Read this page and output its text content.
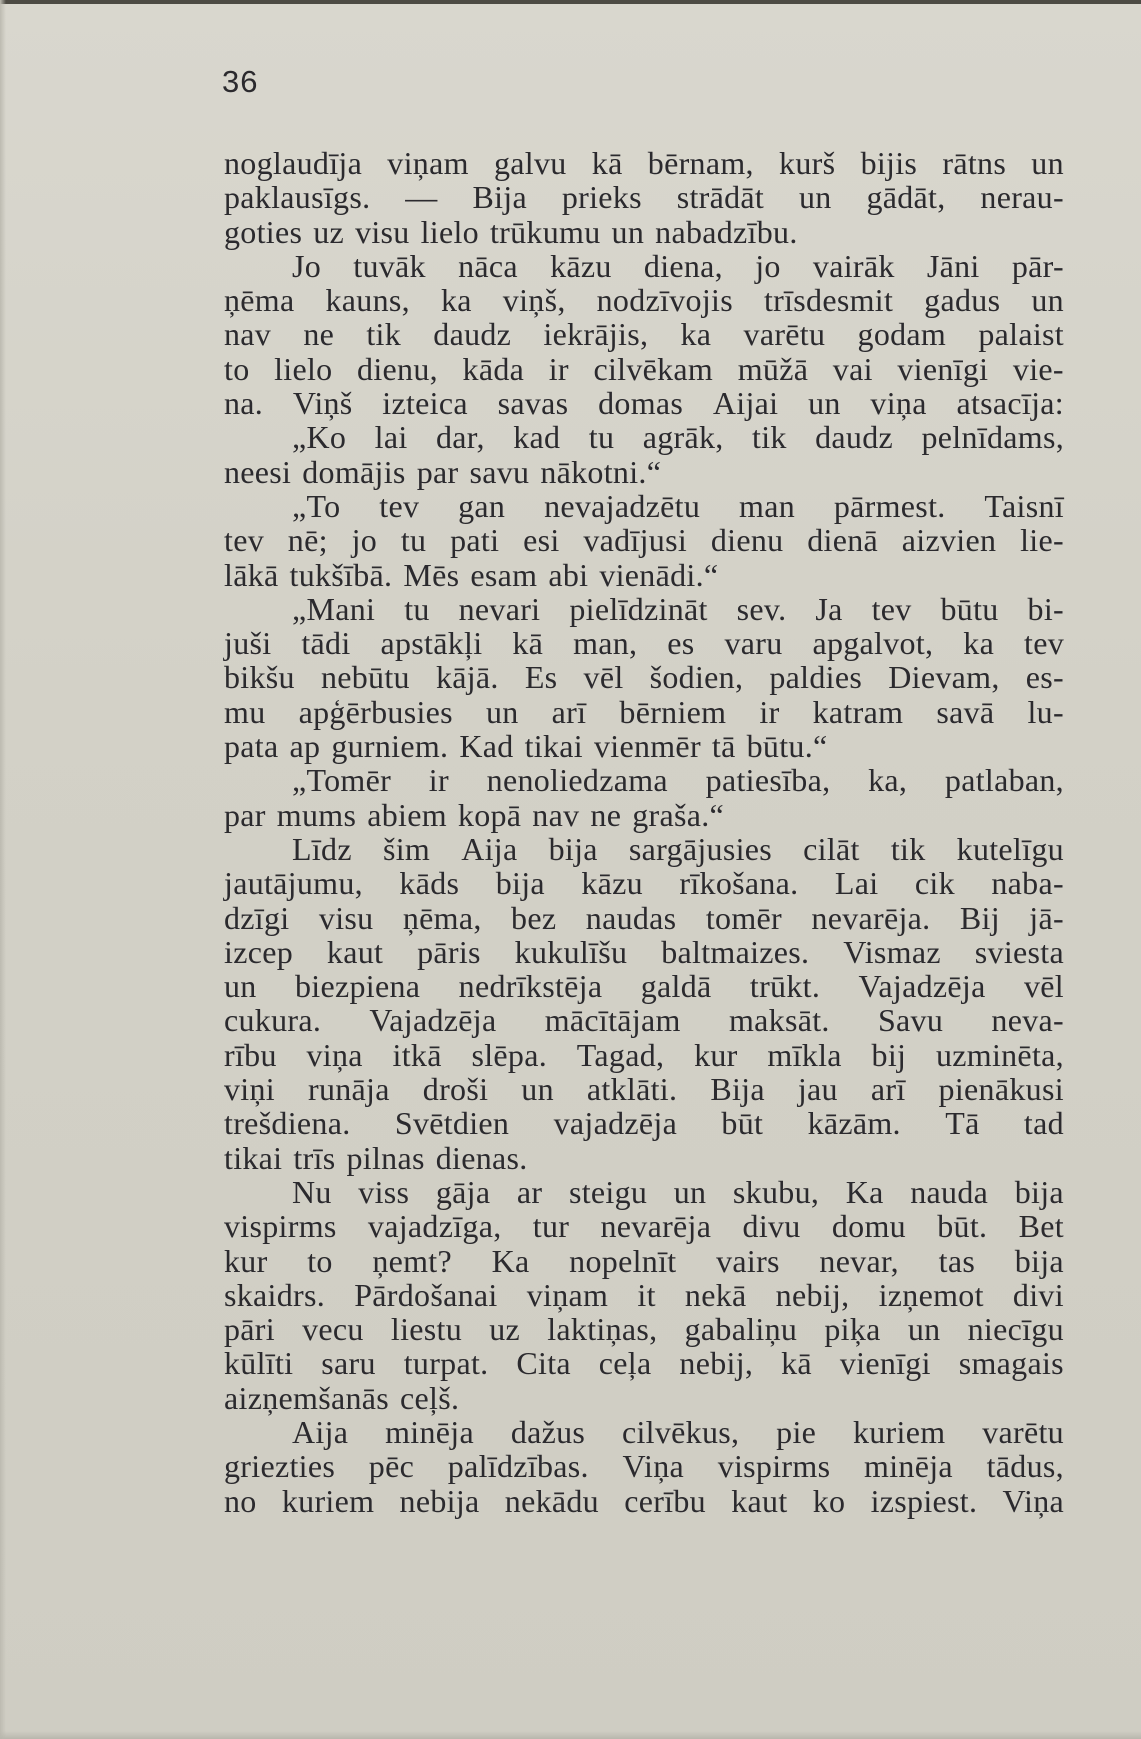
36
noglaudīja viņam galvu kā bērnam, kurš bijis rātns un
paklausīgs. — Bija prieks strādāt un gādāt, nerau-
goties uz visu lielo trūkumu un nabadzību.
Jo tuvāk nāca kāzu diena, jo vairāk Jāni pār-
ņēma kauns, ka viņš, nodzīvojis trīsdesmit gadus un
nav ne tik daudz iekrājis, ka varētu godam palaist
to lielo dienu, kāda ir cilvēkam mūžā vai vienīgi vie-
na. Viņš izteica savas domas Aijai un viņa atsacīja:
„Ko lai dar, kad tu agrāk, tik daudz pelnīdams,
neesi domājis par savu nākotni.“
„To tev gan nevajadzētu man pārmest. Taisnī
tev nē; jo tu pati esi vadījusi dienu dienā aizvien lie-
lākā tukšībā. Mēs esam abi vienādi.“
„Mani tu nevari pielīdzināt sev. Ja tev būtu bi-
juši tādi apstākļi kā man, es varu apgalvot, ka tev
bikšu nebūtu kājā. Es vēl šodien, paldies Dievam, es-
mu apģērbusies un arī bērniem ir katram savā lu-
pata ap gurniem. Kad tikai vienmēr tā būtu.“
„Tomēr ir nenoliedzama patiesība, ka, patlaban,
par mums abiem kopā nav ne graša.“
Līdz šim Aija bija sargājusies cilāt tik kutelīgu
jautājumu, kāds bija kāzu rīkošana. Lai cik naba-
dzīgi visu ņēma, bez naudas tomēr nevarēja. Bij jā-
izcep kaut pāris kukulīšu baltmaizes. Vismaz sviesta
un biezpiena nedrīkstēja galdā trūkt. Vajadzēja vēl
cukura. Vajadzēja mācītājam maksāt. Savu neva-
rību viņa itkā slēpa. Tagad, kur mīkla bij uzminēta,
viņi runāja droši un atklāti. Bija jau arī pienākusi
trešdiena. Svētdien vajadzēja būt kāzām. Tā tad
tikai trīs pilnas dienas.
Nu viss gāja ar steigu un skubu, Ka nauda bija
vispirms vajadzīga, tur nevarēja divu domu būt. Bet
kur to ņemt? Ka nopelnīt vairs nevar, tas bija
skaidrs. Pārdošanai viņam it nekā nebij, izņemot divi
pāri vecu liestu uz laktiņas, gabaliņu piķa un niecīgu
kūlīti saru turpat. Cita ceļa nebij, kā vienīgi smagais
aizņemšanās ceļš.
Aija minēja dažus cilvēkus, pie kuriem varētu
griezties pēc palīdzības. Viņa vispirms minēja tādus,
no kuriem nebija nekādu cerību kaut ko izspiest. Viņa
